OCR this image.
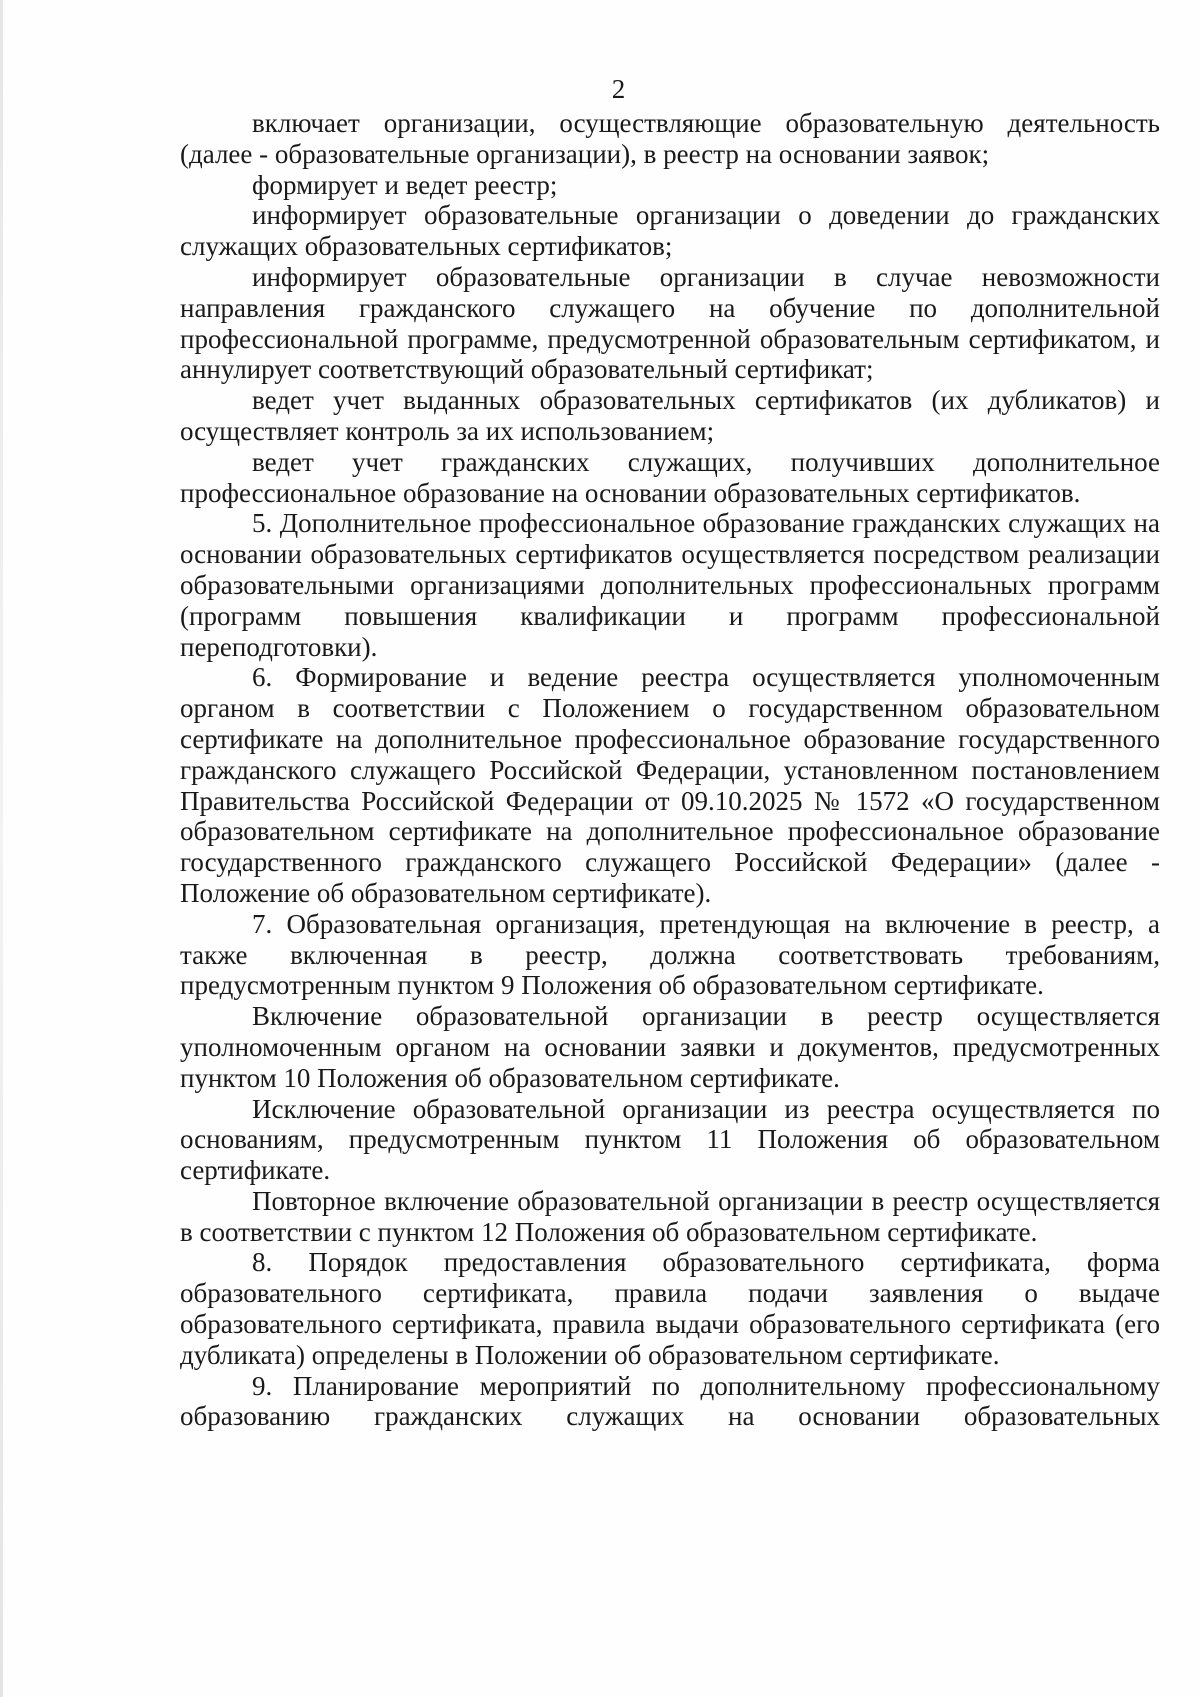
2

включает организации, осуществляющие образовательную деятельность (далее - образовательные организации), в реестр на основании заявок;

формирует и ведет реестр;

информирует образовательные организации о доведении до гражданских служащих образовательных сертификатов;

информирует образовательные организации в случае невозможности направления гражданского служащего на обучение по дополнительной профессиональной программе, предусмотренной образовательным сертификатом, и аннулирует соответствующий образовательный сертификат;

ведет учет выданных образовательных сертификатов (их дубликатов) и осуществляет контроль за их использованием;

ведет учет гражданских служащих, получивших дополнительное профессиональное образование на основании образовательных сертификатов.

5. Дополнительное профессиональное образование гражданских служащих на основании образовательных сертификатов осуществляется посредством реализации образовательными организациями дополнительных профессиональных программ (программ повышения квалификации и программ профессиональной переподготовки).

6. Формирование и ведение реестра осуществляется уполномоченным органом в соответствии с Положением о государственном образовательном сертификате на дополнительное профессиональное образование государственного гражданского служащего Российской Федерации, установленном постановлением Правительства Российской Федерации от 09.10.2025 № 1572 «О государственном образовательном сертификате на дополнительное профессиональное образование государственного гражданского служащего Российской Федерации» (далее - Положение об образовательном сертификате).

7. Образовательная организация, претендующая на включение в реестр, а также включенная в реестр, должна соответствовать требованиям, предусмотренным пунктом 9 Положения об образовательном сертификате.

Включение образовательной организации в реестр осуществляется уполномоченным органом на основании заявки и документов, предусмотренных пунктом 10 Положения об образовательном сертификате.

Исключение образовательной организации из реестра осуществляется по основаниям, предусмотренным пунктом 11 Положения об образовательном сертификате.

Повторное включение образовательной организации в реестр осуществляется в соответствии с пунктом 12 Положения об образовательном сертификате.

8. Порядок предоставления образовательного сертификата, форма образовательного сертификата, правила подачи заявления о выдаче образовательного сертификата, правила выдачи образовательного сертификата (его дубликата) определены в Положении об образовательном сертификате.

9. Планирование мероприятий по дополнительному профессиональному образованию гражданских служащих на основании образовательных
